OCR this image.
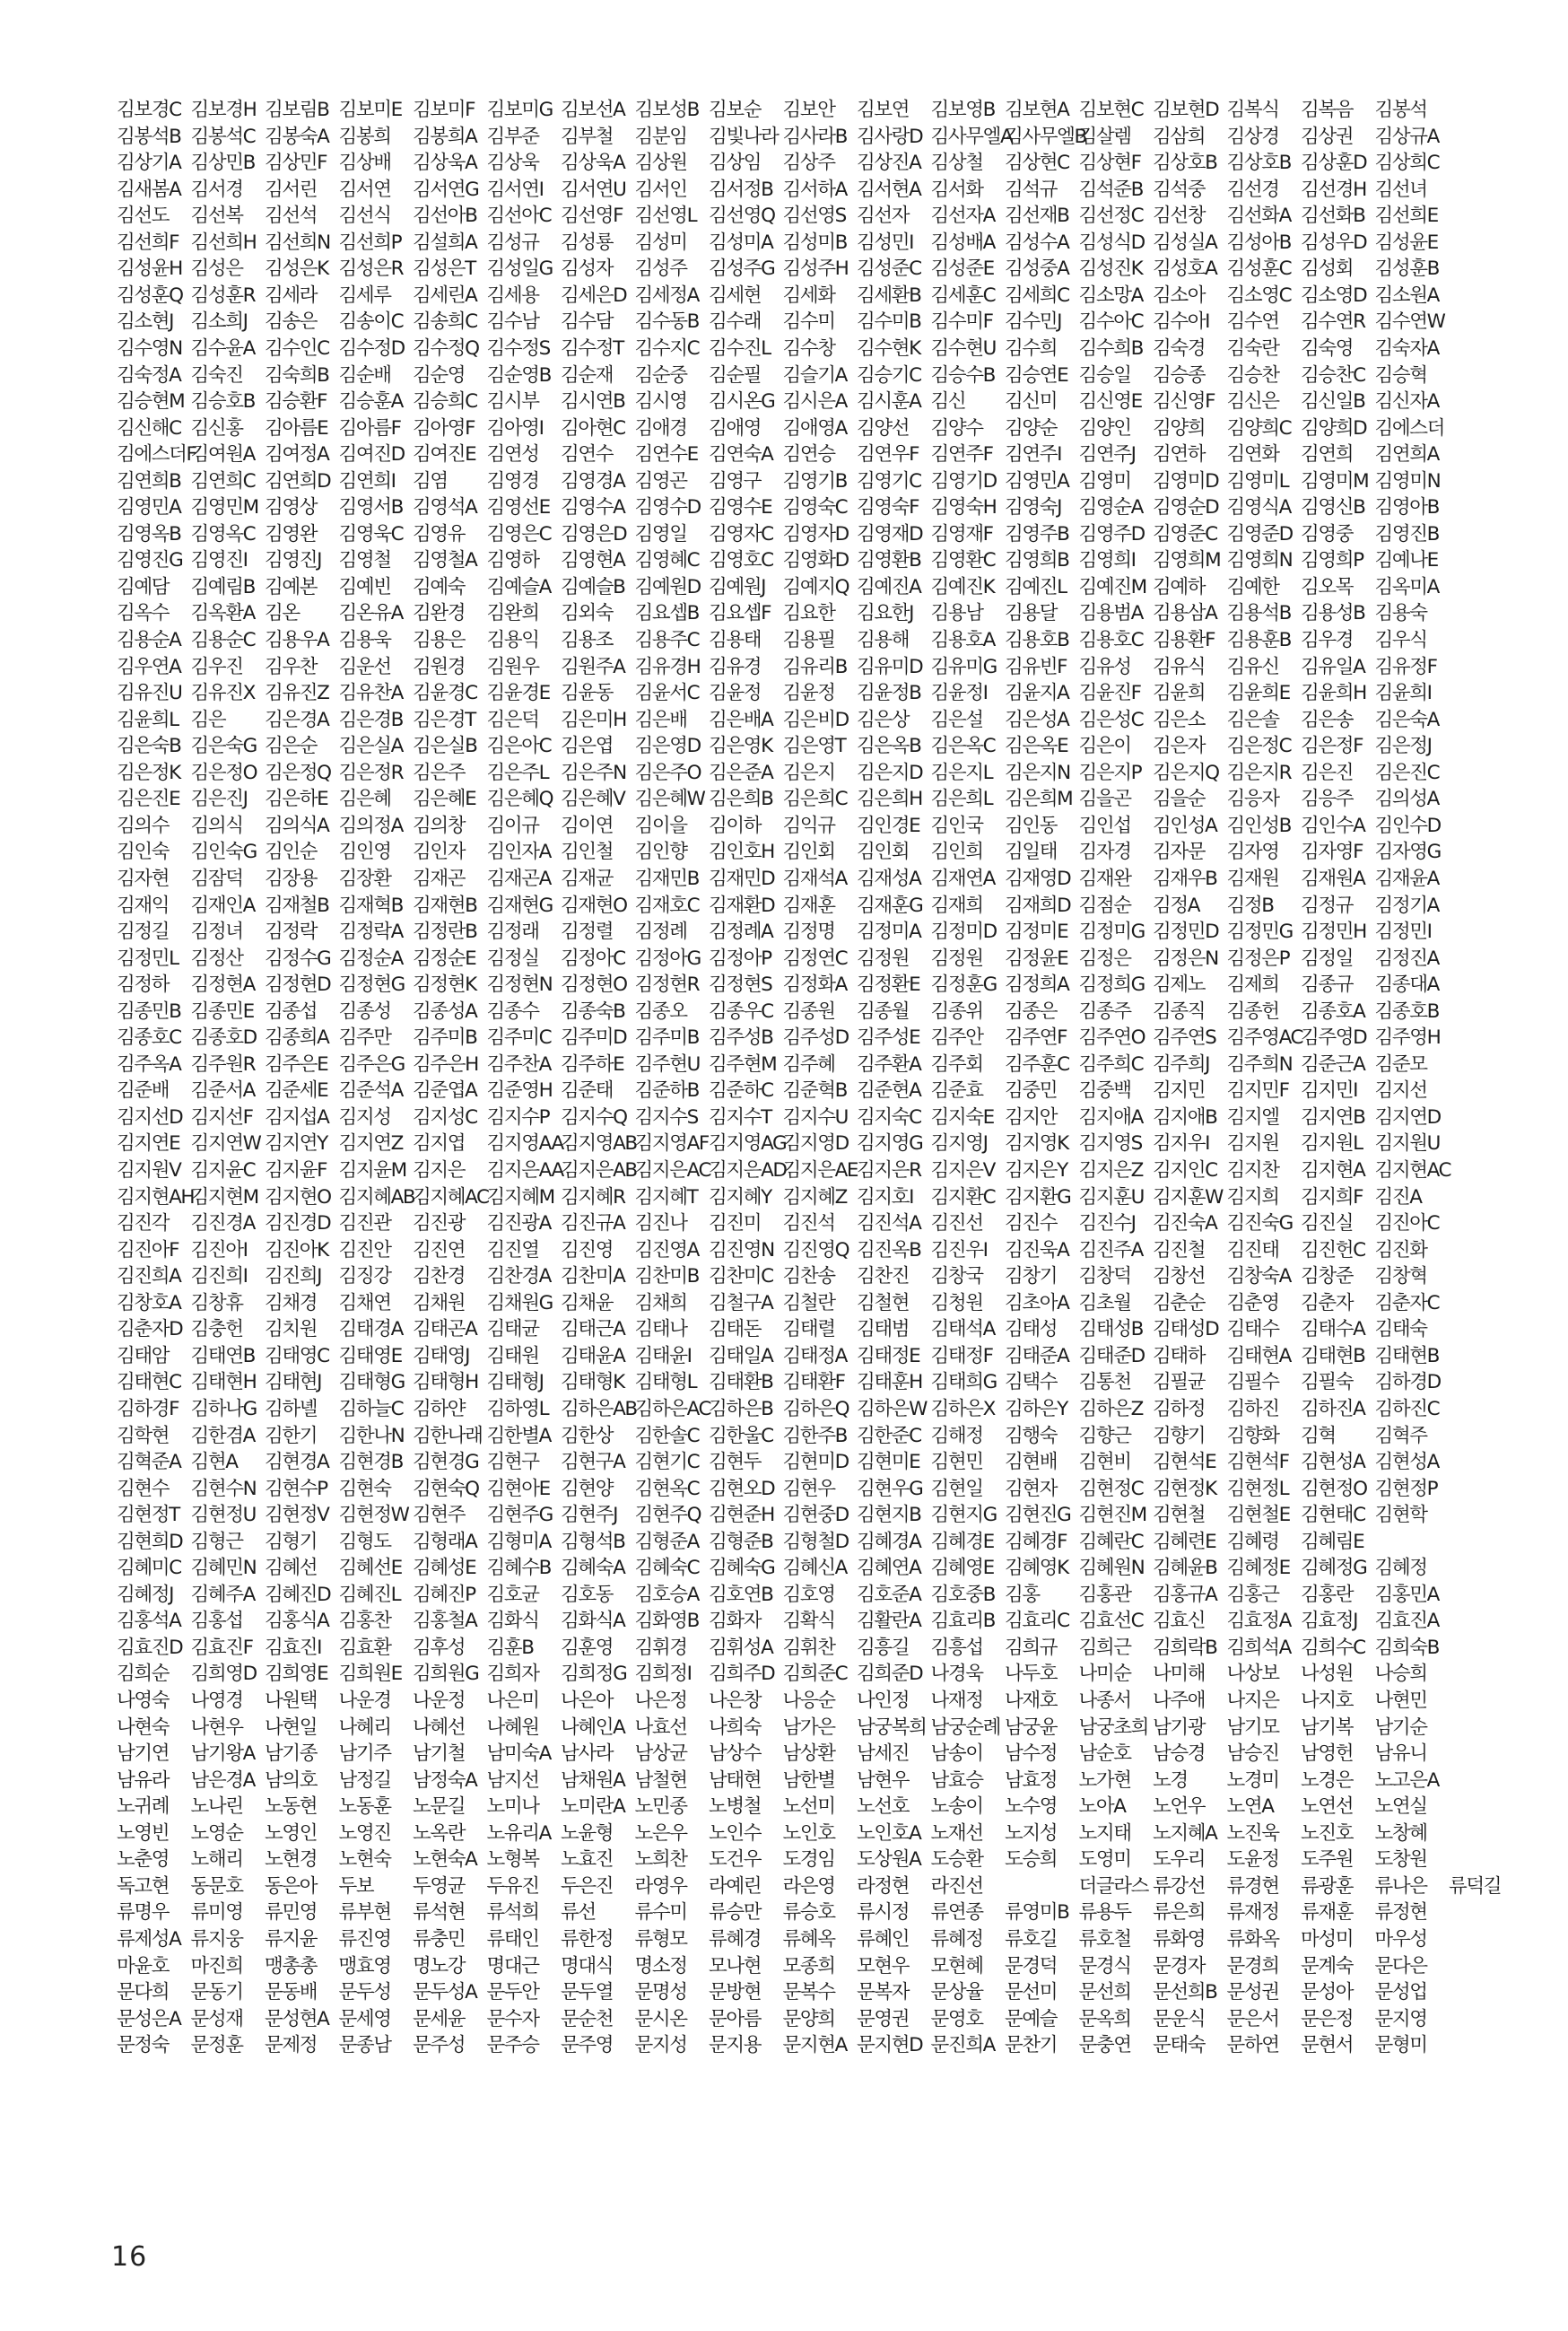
김보경C 김보경H 김보림B 김보미E 김보미F 김보미G 김보선A 김보성B 김보순 김보안 김보연 김보영B 김보현A 김보현C 김보현D 김복식 김복음 김봉석
김봉석B 김봉석C 김봉숙A 김봉희 김봉희A 김부준 김부철 김분임 김빛나라 김사라B 김사랑D 김사무엘A
김사무엘B
김살렘 김삼희 김상경 김상권 김상규A
김상기A 김상민B 김상민F 김상배 김상욱A 김상욱 김상욱A 김상원 김상임 김상주 김상진A 김상철 김상현C 김상현F 김상호B 김상호B 김상훈D 김상희C
김새봄A 김서경 김서린 김서연 김서연G 김서연I 김서연U 김서인 김서정B 김서하A 김서현A 김서화 김석규 김석준B 김석중 김선경 김선경H 김선녀
김선도 김선복 김선석 김선식 김선아B 김선아C 김선영F 김선영L 김선영Q 김선영S 김선자 김선자A 김선재B 김선정C 김선창 김선화A 김선화B 김선희E
김선희F 김선희H 김선희N 김선희P 김설희A 김성규 김성룡 김성미 김성미A 김성미B 김성민I 김성배A 김성수A 김성식D 김성실A 김성아B 김성우D 김성윤E
김성윤H 김성은 김성은K 김성은R 김성은T 김성일G 김성자 김성주 김성주G 김성주H 김성준C 김성준E 김성중A 김성진K 김성호A 김성훈C 김성회 김성훈B
김성훈Q 김성훈R 김세라 김세루 김세린A 김세용 김세은D 김세정A 김세현 김세화 김세환B 김세훈C 김세희C 김소망A 김소아 김소영C 김소영D 김소원A
김소현J 김소희J 김송은 김송이C 김송희C 김수남 김수담 김수동B 김수래 김수미 김수미B 김수미F 김수민J 김수아C 김수아I 김수연 김수연R 김수연W
김수영N 김수윤A 김수인C 김수정D 김수정Q 김수정S 김수정T 김수지C 김수진L 김수창 김수현K 김수현U 김수희 김수희B 김숙경 김숙란 김숙영 김숙자A
김숙정A 김숙진 김숙희B 김순배 김순영 김순영B 김순재 김순중 김순필 김슬기A 김승기C 김승수B 김승연E 김승일 김승종 김승찬 김승찬C 김승혁
김승현M 김승호B 김승환F 김승훈A 김승희C 김시부 김시연B 김시영 김시온G 김시은A 김시훈A 김신 김신미 김신영E 김신영F 김신은 김신일B 김신자A
김신해C 김신홍 김아름E 김아름F 김아영F 김아영I 김아현C 김애경 김애영 김애영A 김양선 김양수 김양순 김양인 김양희 김양희C 김양희D 김에스더
김에스더F
김여원A 김여정A 김여진D 김여진E 김연성 김연수 김연수E 김연숙A 김연승 김연우F 김연주F 김연주I 김연주J 김연하 김연화 김연희 김연희A
김연희B 김연희C 김연희D 김연희I 김염 김영경 김영경A 김영곤 김영구 김영기B 김영기C 김영기D 김영민A 김영미 김영미D 김영미L 김영미M 김영미N
김영민A 김영민M 김영상 김영서B 김영석A 김영선E 김영수A 김영수D 김영수E 김영숙C 김영숙F 김영숙H 김영숙J 김영순A 김영순D 김영식A 김영신B 김영아B
김영옥B 김영옥C 김영완 김영욱C 김영유 김영은C 김영은D 김영일 김영자C 김영자D 김영재D 김영재F 김영주B 김영주D 김영준C 김영준D 김영중 김영진B
김영진G 김영진I 김영진J 김영철 김영철A 김영하 김영현A 김영혜C 김영호C 김영화D 김영환B 김영환C 김영희B 김영희I 김영희M 김영희N 김영희P 김예나E
김예담 김예림B 김예본 김예빈 김예숙 김예슬A 김예슬B 김예원D 김예원J 김예지Q 김예진A 김예진K 김예진L 김예진M 김예하 김예한 김오목 김옥미A
김옥수 김옥환A 김온 김온유A 김완경 김완희 김외숙 김요셉B 김요셉F 김요한 김요한J 김용남 김용달 김용범A 김용삼A 김용석B 김용성B 김용숙
김용순A 김용순C 김용우A 김용욱 김용은 김용익 김용조 김용주C 김용태 김용필 김용해 김용호A 김용호B 김용호C 김용환F 김용훈B 김우경 김우식
김우연A 김우진 김우찬 김운선 김원경 김원우 김원주A 김유경H 김유경 김유리B 김유미D 김유미G 김유빈F 김유성 김유식 김유신 김유일A 김유정F
김유진U 김유진X 김유진Z 김유찬A 김윤경C 김윤경E 김윤동 김윤서C 김윤정 김윤정 김윤정B 김윤정I 김윤지A 김윤진F 김윤희 김윤희E 김윤희H 김윤희I
김윤희L 김은 김은경A 김은경B 김은경T 김은덕 김은미H 김은배 김은배A 김은비D 김은상 김은설 김은성A 김은성C 김은소 김은솔 김은송 김은숙A
김은숙B 김은숙G 김은순 김은실A 김은실B 김은아C 김은엽 김은영D 김은영K 김은영T 김은옥B 김은옥C 김은옥E 김은이 김은자 김은정C 김은정F 김은정J
김은정K 김은정O 김은정Q 김은정R 김은주 김은주L 김은주N 김은주O 김은준A 김은지 김은지D 김은지L 김은지N 김은지P 김은지Q 김은지R 김은진 김은진C
김은진E 김은진J 김은하E 김은혜 김은혜E 김은혜Q 김은혜V 김은혜W 김은희B 김은희C 김은희H 김은희L 김은희M 김을곤 김을순 김응자 김응주 김의성A
김의수 김의식 김의식A 김의정A 김의창 김이규 김이연 김이을 김이하 김익규 김인경E 김인국 김인동 김인섭 김인성A 김인성B 김인수A 김인수D
김인숙 김인숙G 김인순 김인영 김인자 김인자A 김인철 김인향 김인호H 김인회 김인회 김인희 김일태 김자경 김자문 김자영 김자영F 김자영G
김자현 김잠덕 김장용 김장환 김재곤 김재곤A 김재균 김재민B 김재민D 김재석A 김재성A 김재연A 김재영D 김재완 김재우B 김재원 김재원A 김재윤A
김재익 김재인A 김재철B 김재혁B 김재현B 김재현G 김재현O 김재호C 김재환D 김재훈 김재훈G 김재희 김재희D 김점순 김정A 김정B 김정규 김정기A
김정길 김정녀 김정락 김정락A 김정란B 김정래 김정렬 김정례 김정례A 김정명 김정미A 김정미D 김정미E 김정미G 김정민D 김정민G 김정민H 김정민I
김정민L 김정산 김정수G 김정순A 김정순E 김정실 김정아C 김정아G 김정아P 김정연C 김정원 김정원 김정윤E 김정은 김정은N 김정은P 김정일 김정진A
김정하 김정현A 김정현D 김정현G 김정현K 김정현N 김정현O 김정현R 김정현S 김정화A 김정환E 김정훈G 김정희A 김정희G 김제노 김제희 김종규 김종대A
김종민B 김종민E 김종섭 김종성 김종성A 김종수 김종숙B 김종오 김종우C 김종원 김종월 김종위 김종은 김종주 김종직 김종헌 김종호A 김종호B
김종호C 김종호D 김종희A 김주만 김주미B 김주미C 김주미D 김주미B 김주성B 김주성D 김주성E 김주안 김주연F 김주연O 김주연S 김주영AC
김주영D 김주영H
김주옥A 김주원R 김주은E 김주은G 김주은H 김주찬A 김주하E 김주현U 김주현M 김주혜 김주환A 김주회 김주훈C 김주희C 김주희J 김주희N 김준근A 김준모
김준배 김준서A 김준세E 김준석A 김준엽A 김준영H 김준태 김준하B 김준하C 김준혁B 김준현A 김준효 김중민 김중백 김지민 김지민F 김지민I 김지선
김지선D 김지선F 김지섭A 김지성 김지성C 김지수P 김지수Q 김지수S 김지수T 김지수U 김지숙C 김지숙E 김지안 김지애A 김지애B 김지엘 김지연B 김지연D
김지연E 김지연W 김지연Y 김지연Z 김지엽 김지영AA
김지영AB
김지영AF 김지영AG
김지영D 김지영G 김지영J 김지영K 김지영S 김지우I 김지원 김지원L 김지원U
김지원V 김지윤C 김지윤F 김지윤M 김지은 김지은AA
김지은AB
김지은AC
김지은AD
김지은AE
김지은R 김지은V 김지은Y 김지은Z 김지인C 김지찬 김지현A 김지현AC
김지현AH
김지현M 김지현O 김지혜AB
김지혜AC
김지혜M 김지혜R 김지혜T 김지혜Y 김지혜Z 김지호I 김지환C 김지환G 김지훈U 김지훈W 김지희 김지희F 김진A
김진각 김진경A 김진경D 김진관 김진광 김진광A 김진규A 김진나 김진미 김진석 김진석A 김진선 김진수 김진수J 김진숙A 김진숙G 김진실 김진아C
김진아F 김진아I 김진아K 김진안 김진연 김진열 김진영 김진영A 김진영N 김진영Q 김진옥B 김진우I 김진욱A 김진주A 김진철 김진태 김진헌C 김진화
김진희A 김진희I 김진희J 김징강 김찬경 김찬경A 김찬미A 김찬미B 김찬미C 김찬송 김찬진 김창국 김창기 김창덕 김창선 김창숙A 김창준 김창혁
김창호A 김창휴 김채경 김채연 김채원 김채원G 김채윤 김채희 김철구A 김철란 김철현 김청원 김초아A 김초월 김춘순 김춘영 김춘자 김춘자C
김춘자D 김충헌 김치원 김태경A 김태곤A 김태균 김태근A 김태나 김태돈 김태렬 김태범 김태석A 김태성 김태성B 김태성D 김태수 김태수A 김태숙
김태암 김태연B 김태영C 김태영E 김태영J 김태원 김태윤A 김태윤I 김태일A 김태정A 김태정E 김태정F 김태준A 김태준D 김태하 김태현A 김태현B 김태현B
김태현C 김태현H 김태현J 김태형G 김태형H 김태형J 김태형K 김태형L 김태환B 김태환F 김태훈H 김태희G 김택수 김통천 김필균 김필수 김필숙 김하경D
김하경F 김하나G 김하녤 김하늘C 김하얀 김하영L 김하은AB
김하은AC
김하은B 김하은Q 김하은W 김하은X 김하은Y 김하은Z 김하정 김하진 김하진A 김하진C
김학현 김한겸A 김한기 김한나N 김한나래 김한별A 김한상 김한솔C 김한울C 김한주B 김한준C 김해정 김행숙 김향근 김향기 김향화 김혁 김혁주
김혁준A 김현A 김현경A 김현경B 김현경G 김현구 김현구A 김현기C 김현두 김현미D 김현미E 김현민 김현배 김현비 김현석E 김현석F 김현성A 김현성A
김현수 김현수N 김현수P 김현숙 김현숙Q 김현아E 김현양 김현옥C 김현오D 김현우 김현우G 김현일 김현자 김현정C 김현정K 김현정L 김현정O 김현정P
김현정T 김현정U 김현정V 김현정W 김현주 김현주G 김현주J 김현주Q 김현준H 김현중D 김현지B 김현지G 김현진G 김현진M 김현철 김현철E 김현태C 김현학
김현희D 김형근 김형기 김형도 김형래A 김형미A 김형석B 김형준A 김형준B 김형철D 김혜경A 김혜경E 김혜경F 김혜란C 김혜련E 김혜령 김혜림E
김혜미C 김혜민N 김혜선 김혜선E 김혜성E 김혜수B 김혜숙A 김혜숙C 김혜숙G 김혜신A 김혜연A 김혜영E 김혜영K 김혜원N 김혜윤B 김혜정E 김혜정G 김혜정
김혜정J 김혜주A 김혜진D 김혜진L 김혜진P 김호균 김호동 김호승A 김호연B 김호영 김호준A 김호중B 김홍 김홍관 김홍규A 김홍근 김홍란 김홍민A
김홍석A 김홍섭 김홍식A 김홍찬 김홍철A 김화식 김화식A 김화영B 김화자 김확식 김활란A 김효리B 김효리C 김효선C 김효신 김효정A 김효정J 김효진A
김효진D 김효진F 김효진I 김효환 김후성 김훈B 김훈영 김휘경 김휘성A 김휘찬 김흥길 김흥섭 김희규 김희근 김희락B 김희석A 김희수C 김희숙B
김희순 김희영D 김희영E 김희원E 김희원G 김희자 김희정G 김희정I 김희주D 김희준C 김희준D 나경욱 나두호 나미순 나미해 나상보 나성원 나승희
나영숙 나영경 나원택 나운경 나운정 나은미 나은아 나은정 나은창 나응순 나인정 나재정 나재호 나종서 나주애 나지은 나지호 나현민
나현숙 나현우 나현일 나혜리 나혜선 나혜원 나혜인A 나효선 나희숙 남가은 남궁복희 남궁순례 남궁윤 남궁초희 남기광 남기모 남기복 남기순
남기연 남기왕A 남기종 남기주 남기철 남미숙A 남사라 남상균 남상수 남상환 남세진 남송이 남수정 남순호 남승경 남승진 남영헌 남유니
남유라 남은경A 남의호 남정길 남정숙A 남지선 남채원A 남철현 남태현 남한별 남현우 남효승 남효정 노가현 노경 노경미 노경은 노고은A
노귀례 노나린 노동현 노동훈 노문길 노미나 노미란A 노민종 노병철 노선미 노선호 노송이 노수영 노아A 노언우 노연A 노연선 노연실
노영빈 노영순 노영인 노영진 노옥란 노유리A 노윤형 노은우 노인수 노인호 노인호A 노재선 노지성 노지태 노지혜A 노진욱 노진호 노창혜
노춘영 노해리 노현경 노현숙 노현숙A 노형복 노효진 노희찬 도건우 도경임 도상원A 도승환 도승희 도영미 도우리 도윤정 도주원 도창원
독고현 동문호 동은아 두보 두영균 두유진 두은진 라영우 라예린 라은영 라정현 라진선	더글라스 류강선 류경현 류광훈 류나은 류덕길
류명우 류미영 류민영 류부현 류석현 류석희 류선 류수미 류승만 류승호 류시정 류연종 류영미B 류용두 류은희 류재정 류재훈 류정현
류제성A 류지웅 류지윤 류진영 류충민 류태인 류한정 류형모 류혜경 류혜옥 류혜인 류혜정 류호길 류호철 류화영 류화옥 마성미 마우성
마윤호 마진희 맹총총 맹효영 명노강 명대근 명대식 명소정 모나현 모종희 모현우 모현혜 문경덕 문경식 문경자 문경희 문계숙 문다은
문다희 문동기 문동배 문두성 문두성A 문두안 문두열 문명성 문방현 문복수 문복자 문상율 문선미 문선희 문선희B 문성권 문성아 문성업
문성은A 문성재 문성현A 문세영 문세윤 문수자 문순천 문시온 문아름 문양희 문영권 문영호 문예슬 문옥희 문운식 문은서 문은정 문지영
문정숙 문정훈 문제정 문종남 문주성 문주승 문주영 문지성 문지용 문지현A 문지현D 문진희A 문찬기 문충연 문태숙 문하연 문현서 문형미
16
